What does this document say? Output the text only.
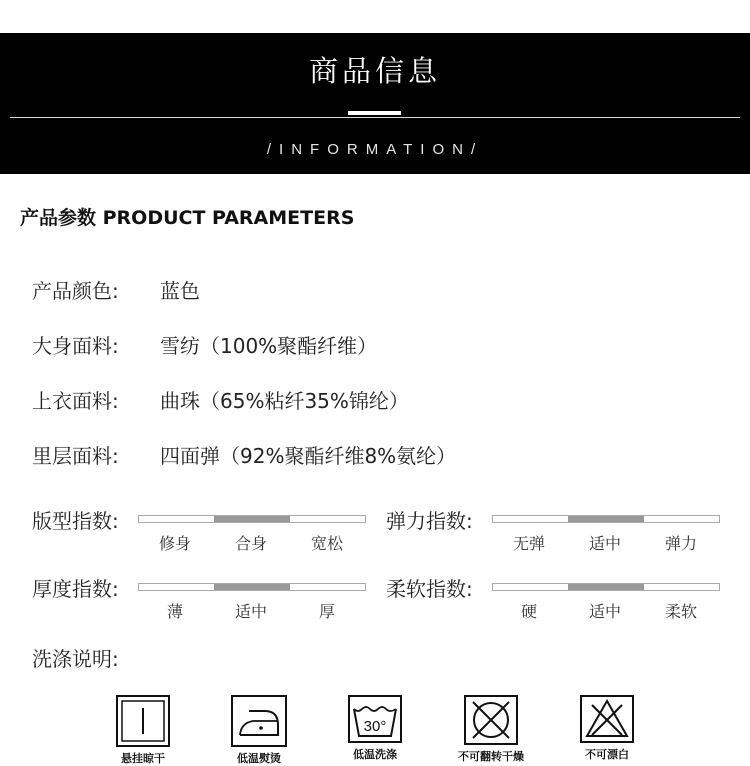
商品信息
/INFORMATION/
产品参数 PRODUCT PARAMETERS
产品颜色: 蓝色
大身面料: 雪纺（100%聚酯纤维）
上衣面料: 曲珠（65%粘纤35%锦纶）
里层面料: 四面弹（92%聚酯纤维8%氨纶）
版型指数:
修身	合身	宽松
弹力指数:
无弹	适中	弹力
厚度指数:
薄	适中	厚
柔软指数:
硬	适中	柔软
洗涤说明:
悬挂晾干	低温熨烫
30°
低温洗涤	不可翻转干燥	不可漂白
